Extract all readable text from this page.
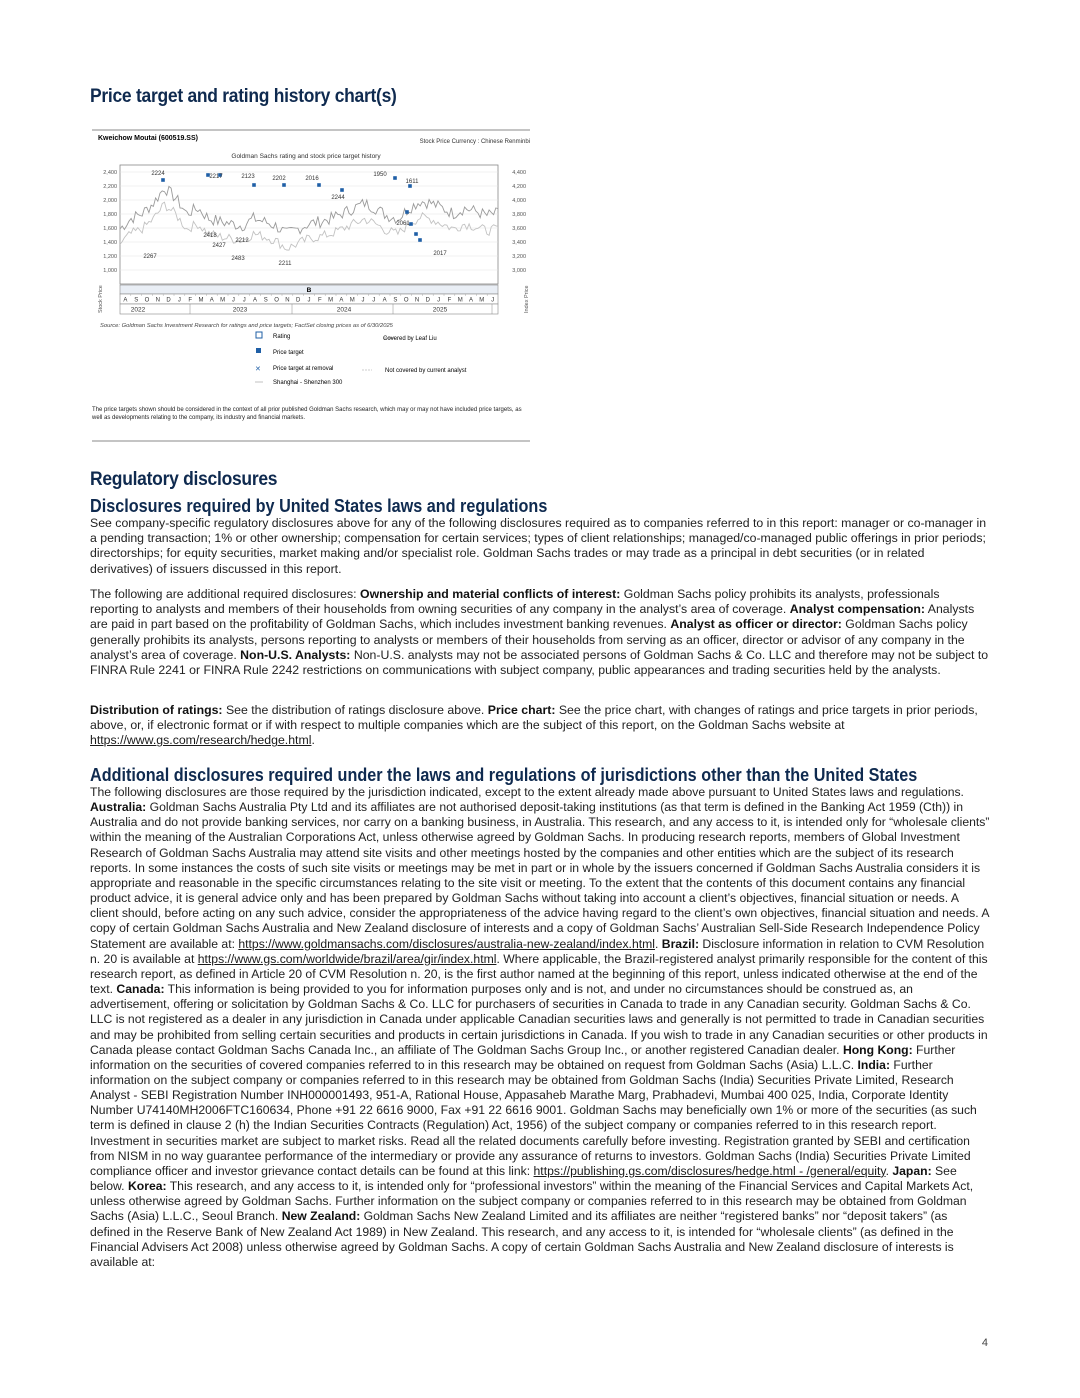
Price target and rating history chart(s)
Kweichow Moutai (600519.SS)	Stock Price Currency : Chinese Renminbi
Goldman Sachs rating and stock price target history
2,400
2,200
2,000
1,800
1,600
1,400
1,200
1,000
4,400
4,200
4,000
3,800
3,600
3,400
3,200
3,000
2224	2217	2123	2202	2016
1950
1611
2244
2418
2427
2212
2267	2483
2211
2061
2017
B
A S O N D J F M A M J J A S O N D J F M A M J J A S O N D J F M A M J
2022	2023	2024	2025
Stock Price	Index Price
Source: Goldman Sachs Investment Research for ratings and price targets; FactSet closing prices as of 6/30/2025
Rating
Price target
✕ Price target at removal
Shanghai - Shenzhen 300
Covered by Leaf Liu
Not covered by current analyst
The price targets shown should be considered in the context of all prior published Goldman Sachs research, which may or may not have included price targets, as well as developments relating to the company, its industry and financial markets.
Regulatory disclosures
Disclosures required by United States laws and regulations
See company-specific regulatory disclosures above for any of the following disclosures required as to companies referred to in this report: manager or co-manager in a pending transaction; 1% or other ownership; compensation for certain services; types of client relationships; managed/co-managed public offerings in prior periods; directorships; for equity securities, market making and/or specialist role. Goldman Sachs trades or may trade as a principal in debt securities (or in related derivatives) of issuers discussed in this report.
The following are additional required disclosures: Ownership and material conflicts of interest: Goldman Sachs policy prohibits its analysts, professionals reporting to analysts and members of their households from owning securities of any company in the analyst’s area of coverage. Analyst compensation: Analysts are paid in part based on the profitability of Goldman Sachs, which includes investment banking revenues. Analyst as officer or director: Goldman Sachs policy generally prohibits its analysts, persons reporting to analysts or members of their households from serving as an officer, director or advisor of any company in the analyst’s area of coverage. Non-U.S. Analysts: Non-U.S. analysts may not be associated persons of Goldman Sachs & Co. LLC and therefore may not be subject to FINRA Rule 2241 or FINRA Rule 2242 restrictions on communications with subject company, public appearances and trading securities held by the analysts.
Distribution of ratings: See the distribution of ratings disclosure above. Price chart: See the price chart, with changes of ratings and price targets in prior periods, above, or, if electronic format or if with respect to multiple companies which are the subject of this report, on the Goldman Sachs website at https://www.gs.com/research/hedge.html.
Additional disclosures required under the laws and regulations of jurisdictions other than the United States
The following disclosures are those required by the jurisdiction indicated, except to the extent already made above pursuant to United States laws and regulations. Australia: Goldman Sachs Australia Pty Ltd and its affiliates are not authorised deposit-taking institutions (as that term is defined in the Banking Act 1959 (Cth)) in Australia and do not provide banking services, nor carry on a banking business, in Australia. This research, and any access to it, is intended only for “wholesale clients” within the meaning of the Australian Corporations Act, unless otherwise agreed by Goldman Sachs. In producing research reports, members of Global Investment Research of Goldman Sachs Australia may attend site visits and other meetings hosted by the companies and other entities which are the subject of its research reports. In some instances the costs of such site visits or meetings may be met in part or in whole by the issuers concerned if Goldman Sachs Australia considers it is appropriate and reasonable in the specific circumstances relating to the site visit or meeting. To the extent that the contents of this document contains any financial product advice, it is general advice only and has been prepared by Goldman Sachs without taking into account a client’s objectives, financial situation or needs. A client should, before acting on any such advice, consider the appropriateness of the advice having regard to the client’s own objectives, financial situation and needs. A copy of certain Goldman Sachs Australia and New Zealand disclosure of interests and a copy of Goldman Sachs’ Australian Sell-Side Research Independence Policy Statement are available at: https://www.goldmansachs.com/disclosures/australia-new-zealand/index.html. Brazil: Disclosure information in relation to CVM Resolution n. 20 is available at https://www.gs.com/worldwide/brazil/area/gir/index.html. Where applicable, the Brazil-registered analyst primarily responsible for the content of this research report, as defined in Article 20 of CVM Resolution n. 20, is the first author named at the beginning of this report, unless indicated otherwise at the end of the text. Canada: This information is being provided to you for information purposes only and is not, and under no circumstances should be construed as, an advertisement, offering or solicitation by Goldman Sachs & Co. LLC for purchasers of securities in Canada to trade in any Canadian security. Goldman Sachs & Co. LLC is not registered as a dealer in any jurisdiction in Canada under applicable Canadian securities laws and generally is not permitted to trade in Canadian securities and may be prohibited from selling certain securities and products in certain jurisdictions in Canada. If you wish to trade in any Canadian securities or other products in Canada please contact Goldman Sachs Canada Inc., an affiliate of The Goldman Sachs Group Inc., or another registered Canadian dealer. Hong Kong: Further information on the securities of covered companies referred to in this research may be obtained on request from Goldman Sachs (Asia) L.L.C. India: Further information on the subject company or companies referred to in this research may be obtained from Goldman Sachs (India) Securities Private Limited, Research Analyst - SEBI Registration Number INH000001493, 951-A, Rational House, Appasaheb Marathe Marg, Prabhadevi, Mumbai 400 025, India, Corporate Identity Number U74140MH2006FTC160634, Phone +91 22 6616 9000, Fax +91 22 6616 9001. Goldman Sachs may beneficially own 1% or more of the securities (as such term is defined in clause 2 (h) the Indian Securities Contracts (Regulation) Act, 1956) of the subject company or companies referred to in this research report. Investment in securities market are subject to market risks. Read all the related documents carefully before investing. Registration granted by SEBI and certification from NISM in no way guarantee performance of the intermediary or provide any assurance of returns to investors. Goldman Sachs (India) Securities Private Limited compliance officer and investor grievance contact details can be found at this link: https://publishing.gs.com/disclosures/hedge.html - /general/equity. Japan: See below. Korea: This research, and any access to it, is intended only for “professional investors” within the meaning of the Financial Services and Capital Markets Act, unless otherwise agreed by Goldman Sachs. Further information on the subject company or companies referred to in this research may be obtained from Goldman Sachs (Asia) L.L.C., Seoul Branch. New Zealand: Goldman Sachs New Zealand Limited and its affiliates are neither “registered banks” nor “deposit takers” (as defined in the Reserve Bank of New Zealand Act 1989) in New Zealand. This research, and any access to it, is intended for “wholesale clients” (as defined in the Financial Advisers Act 2008) unless otherwise agreed by Goldman Sachs. A copy of certain Goldman Sachs Australia and New Zealand disclosure of interests is available at:
4
